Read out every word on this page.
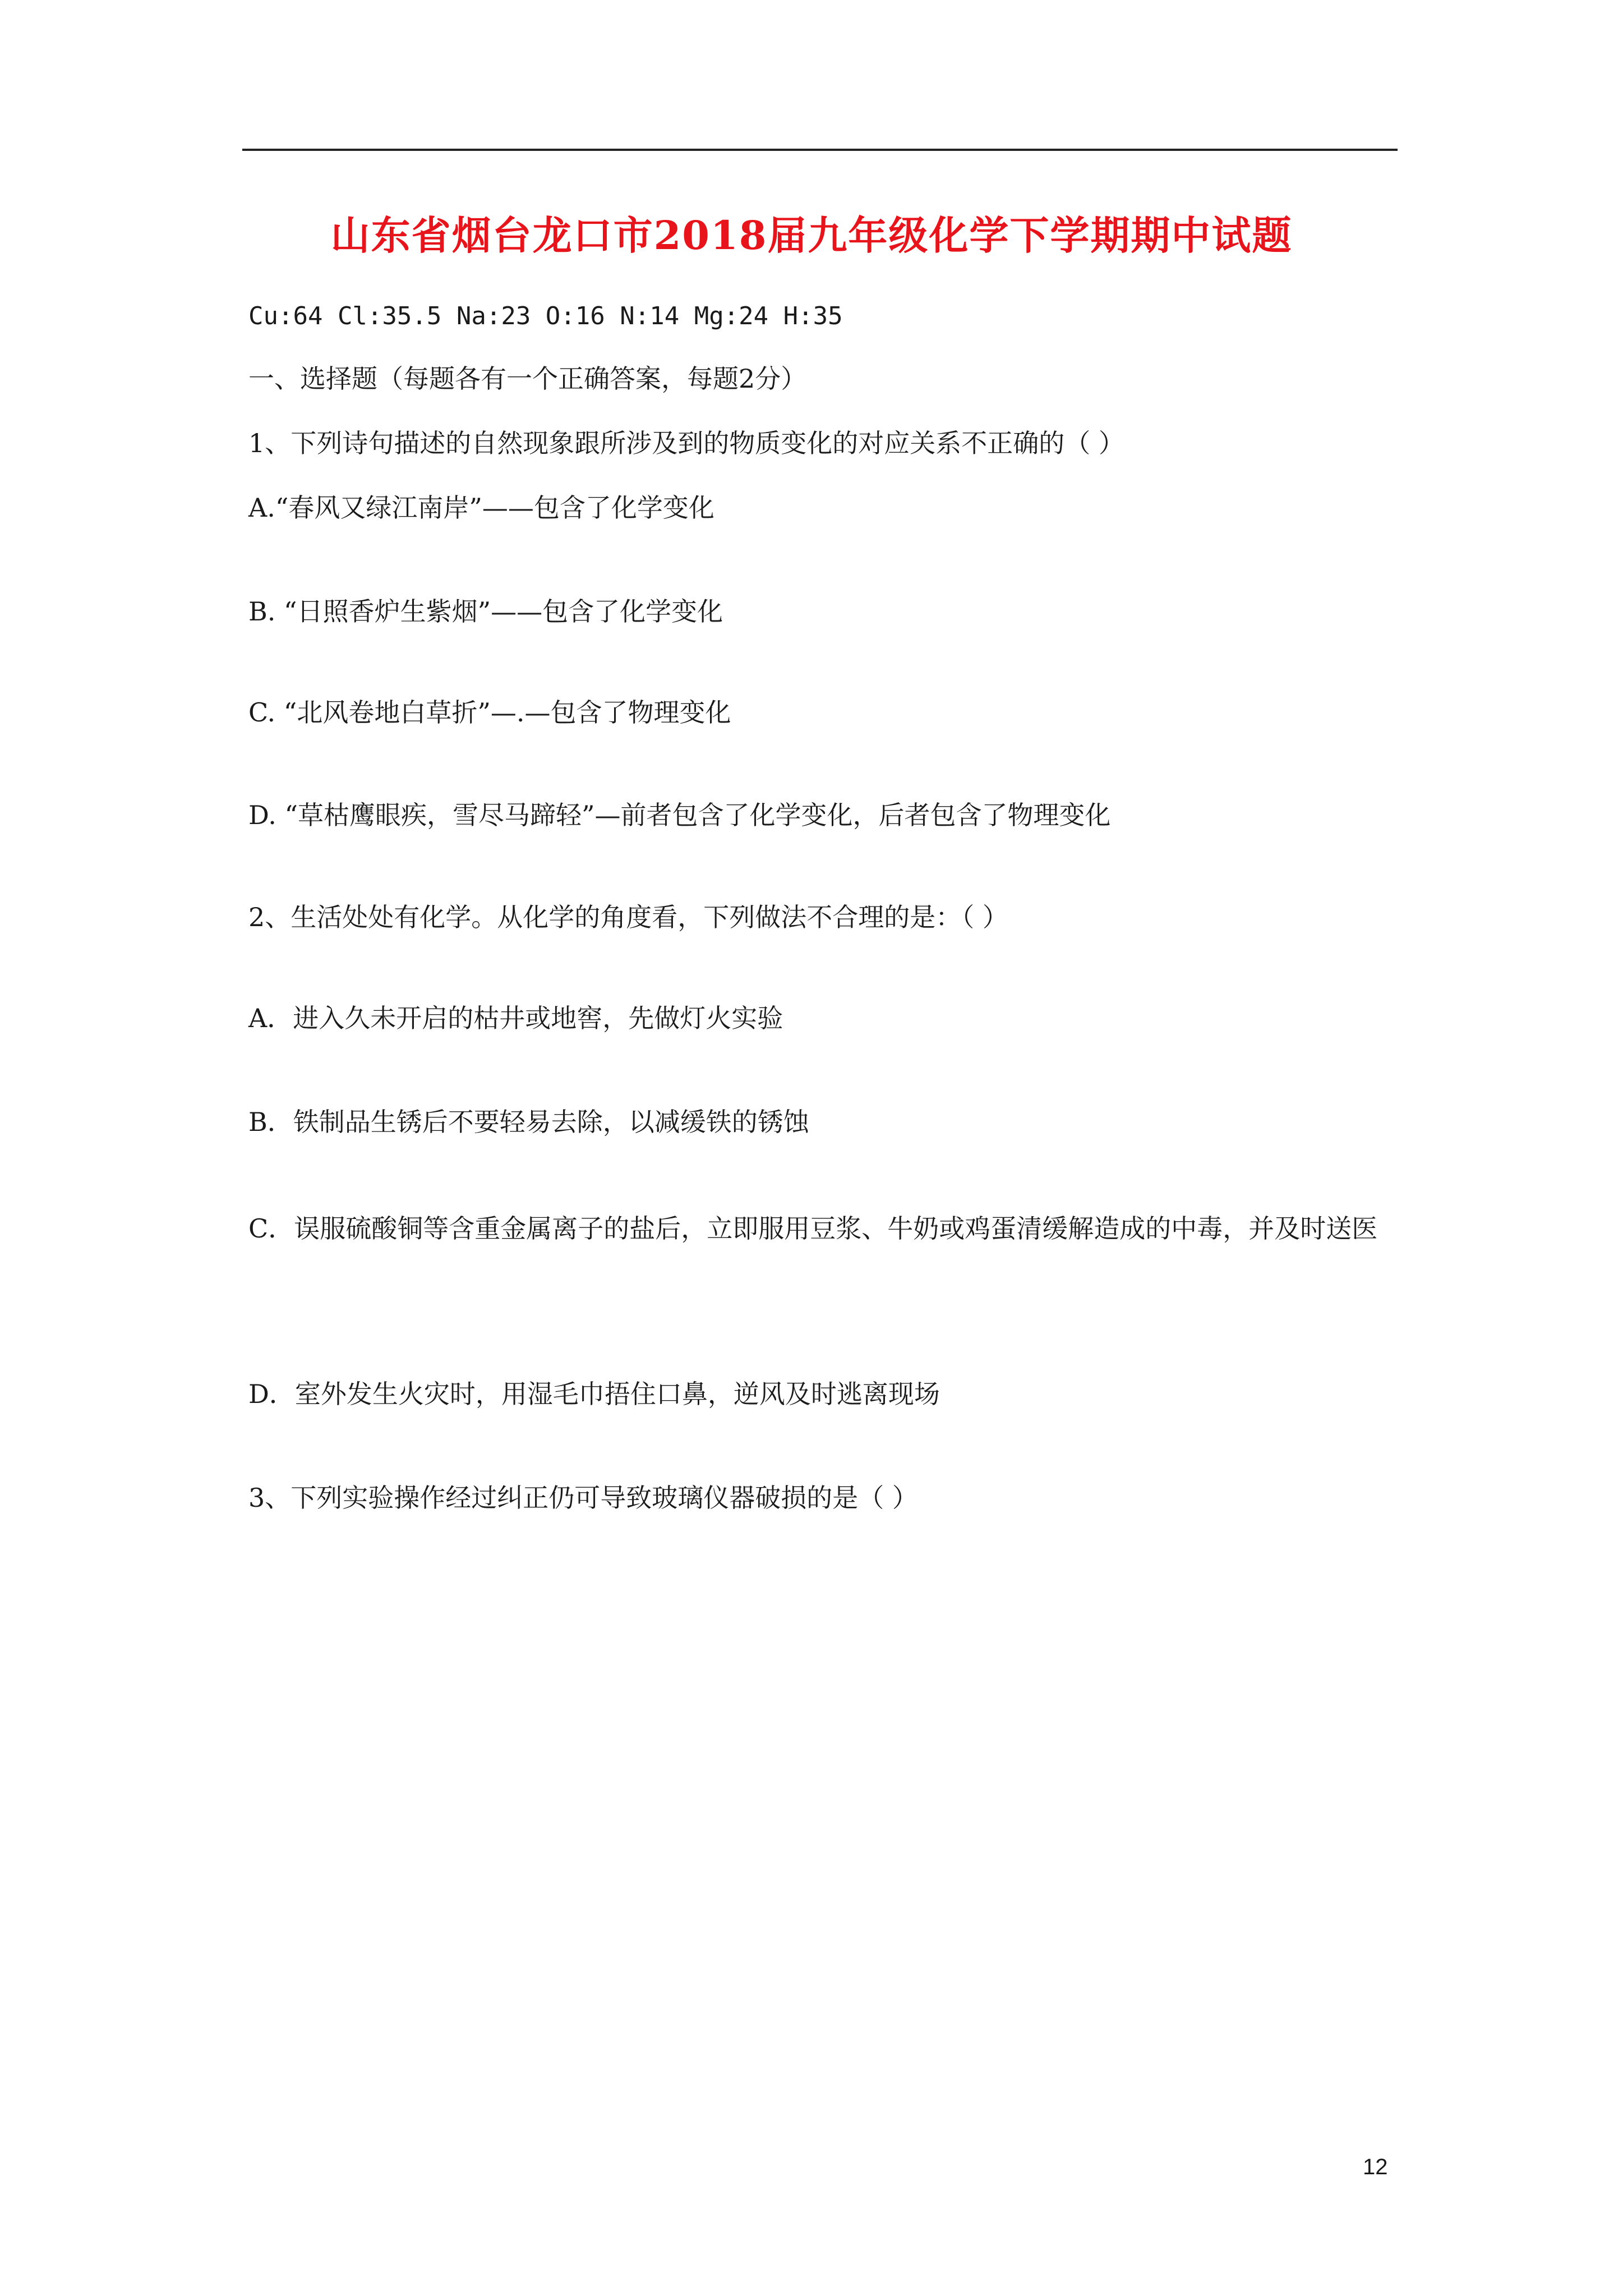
山东省烟台龙口市2018届九年级化学下学期期中试题
Cu:64 Cl:35.5 Na:23 O:16 N:14 Mg:24 H:35
一、选择题（每题各有一个正确答案，每题2分）
1、下列诗句描述的自然现象跟所涉及到的物质变化的对应关系不正确的（ ）
A.“春风又绿江南岸”——包含了化学变化
B. “日照香炉生紫烟”——包含了化学变化
C. “北风卷地白草折”—.—包含了物理变化
D. “草枯鹰眼疾，雪尽马蹄轻”—前者包含了化学变化，后者包含了物理变化
2、生活处处有化学。从化学的角度看，下列做法不合理的是：（ ）
A．进入久未开启的枯井或地窖，先做灯火实验
B．铁制品生锈后不要轻易去除，以减缓铁的锈蚀
C．误服硫酸铜等含重金属离子的盐后，立即服用豆浆、牛奶或鸡蛋清缓解造成的中毒，并及时送医
D．室外发生火灾时，用湿毛巾捂住口鼻，逆风及时逃离现场
3、下列实验操作经过纠正仍可导致玻璃仪器破损的是（ ）
12
